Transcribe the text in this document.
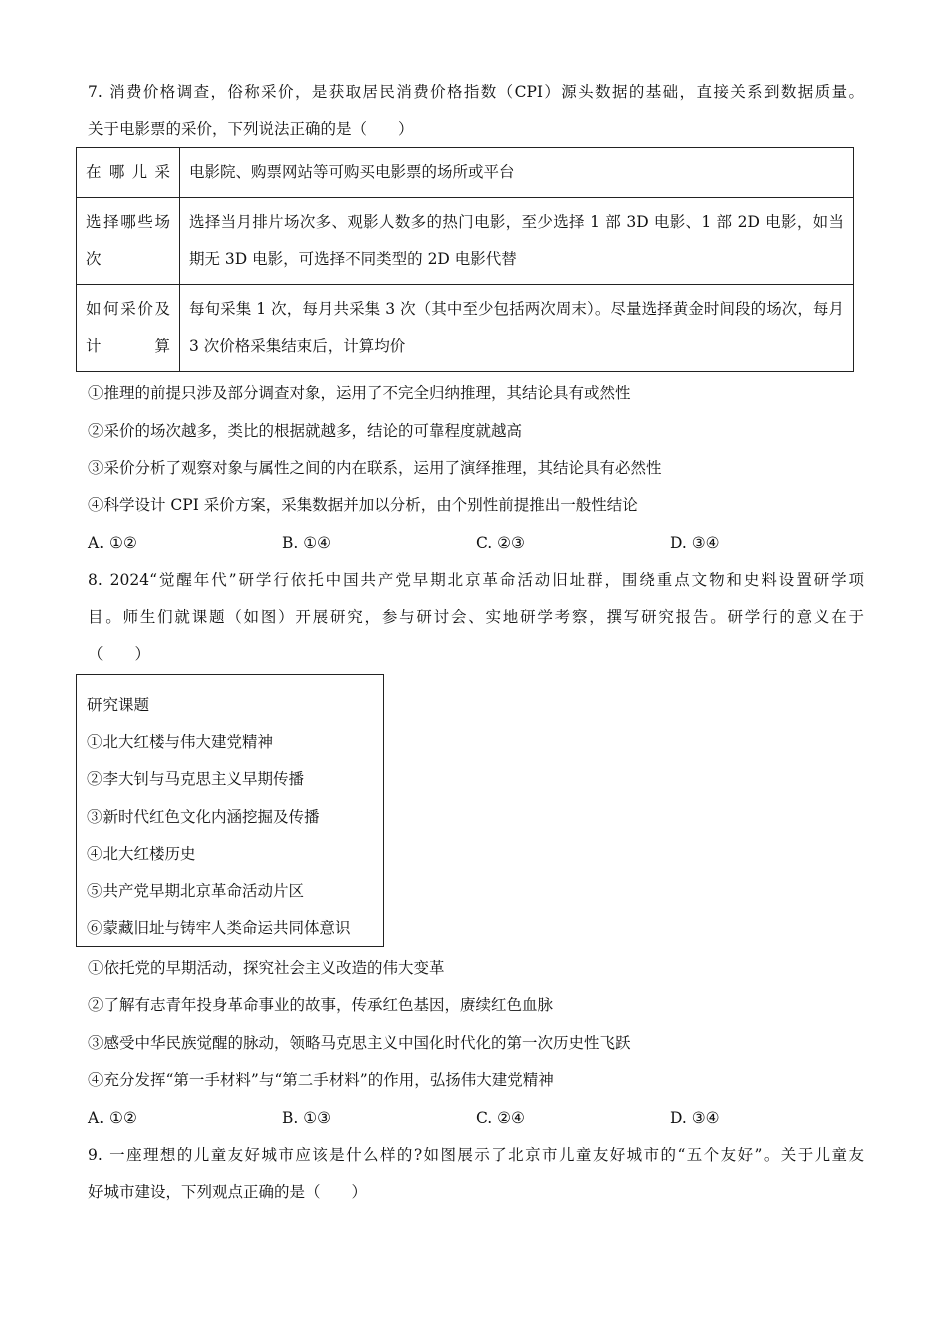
7. 消费价格调查，俗称采价，是获取居民消费价格指数（CPI）源头数据的基础，直接关系到数据质量。
关于电影票的采价，下列说法正确的是（　　）
在哪儿采	电影院、购票网站等可购买电影票的场所或平台
选择哪些场次	选择当月排片场次多、观影人数多的热门电影，至少选择 1 部 3D 电影、1 部 2D 电影，如当期无 3D 电影，可选择不同类型的 2D 电影代替
如何采价及计算	每旬采集 1 次，每月共采集 3 次（其中至少包括两次周末）。尽量选择黄金时间段的场次，每月 3 次价格采集结束后，计算均价
①推理的前提只涉及部分调查对象，运用了不完全归纳推理，其结论具有或然性
②采价的场次越多，类比的根据就越多，结论的可靠程度就越高
③采价分析了观察对象与属性之间的内在联系，运用了演绎推理，其结论具有必然性
④科学设计 CPI 采价方案，采集数据并加以分析，由个别性前提推出一般性结论
A. ①②	B. ①④	C. ②③	D. ③④
8. 2024“觉醒年代”研学行依托中国共产党早期北京革命活动旧址群，围绕重点文物和史料设置研学项
目。师生们就课题（如图）开展研究，参与研讨会、实地研学考察，撰写研究报告。研学行的意义在于
（　　）
研究课题
①北大红楼与伟大建党精神
②李大钊与马克思主义早期传播
③新时代红色文化内涵挖掘及传播
④北大红楼历史
⑤共产党早期北京革命活动片区
⑥蒙藏旧址与铸牢人类命运共同体意识
①依托党的早期活动，探究社会主义改造的伟大变革
②了解有志青年投身革命事业的故事，传承红色基因，赓续红色血脉
③感受中华民族觉醒的脉动，领略马克思主义中国化时代化的第一次历史性飞跃
④充分发挥“第一手材料”与“第二手材料”的作用，弘扬伟大建党精神
A. ①②	B. ①③	C. ②④	D. ③④
9. 一座理想的儿童友好城市应该是什么样的?如图展示了北京市儿童友好城市的“五个友好”。关于儿童友
好城市建设，下列观点正确的是（　　）
